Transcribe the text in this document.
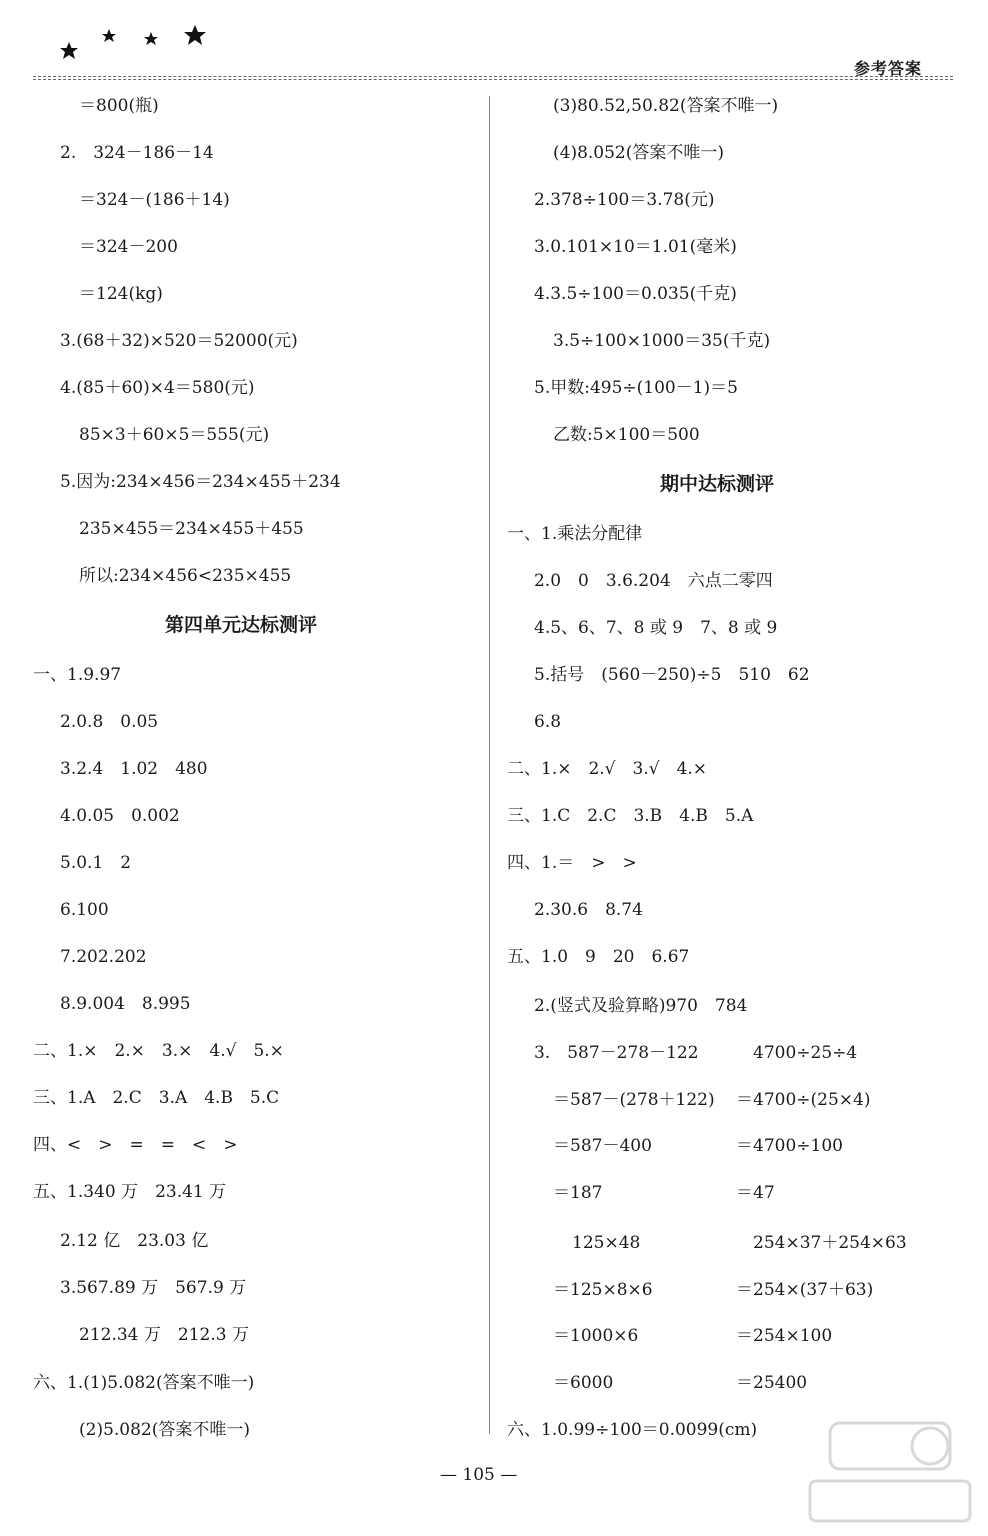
参考答案
＝800(瓶)
2.　324－186－14
＝324－(186＋14)
＝324－200
＝124(kg)
3.(68＋32)×520＝52000(元)
4.(85＋60)×4＝580(元)
85×3＋60×5＝555(元)
5.因为:234×456＝234×455＋234
235×455＝234×455＋455
所以:234×456<235×455
第四单元达标测评
一、1.9.97
2.0.8　0.05
3.2.4　1.02　480
4.0.05　0.002
5.0.1　2
6.100
7.202.202
8.9.004　8.995
二、1.×　2.×　3.×　4.√　5.×
三、1.A　2.C　3.A　4.B　5.C
四、<　>　=　=　<　>
五、1.340 万　23.41 万
2.12 亿　23.03 亿
3.567.89 万　567.9 万
212.34 万　212.3 万
六、1.(1)5.082(答案不唯一)
(2)5.082(答案不唯一)
(3)80.52,50.82(答案不唯一)
(4)8.052(答案不唯一)
2.378÷100＝3.78(元)
3.0.101×10＝1.01(毫米)
4.3.5÷100＝0.035(千克)
3.5÷100×1000＝35(千克)
5.甲数:495÷(100－1)＝5
乙数:5×100＝500
期中达标测评
一、1.乘法分配律
2.0　0　3.6.204　六点二零四
4.5、6、7、8 或 9　7、8 或 9
5.括号　(560－250)÷5　510　62
6.8
二、1.×　2.√　3.√　4.×
三、1.C　2.C　3.B　4.B　5.A
四、1.＝　>　>
2.30.6　8.74
五、1.0　9　20　6.67
2.(竖式及验算略)970　784
3.　587－278－122
＝587－(278＋122)
＝587－400
＝187
125×48
＝125×8×6
＝1000×6
＝6000
4700÷25÷4
＝4700÷(25×4)
＝4700÷100
＝47
254×37＋254×63
＝254×(37＋63)
＝254×100
＝25400
六、1.0.99÷100＝0.0099(cm)
— 105 —
